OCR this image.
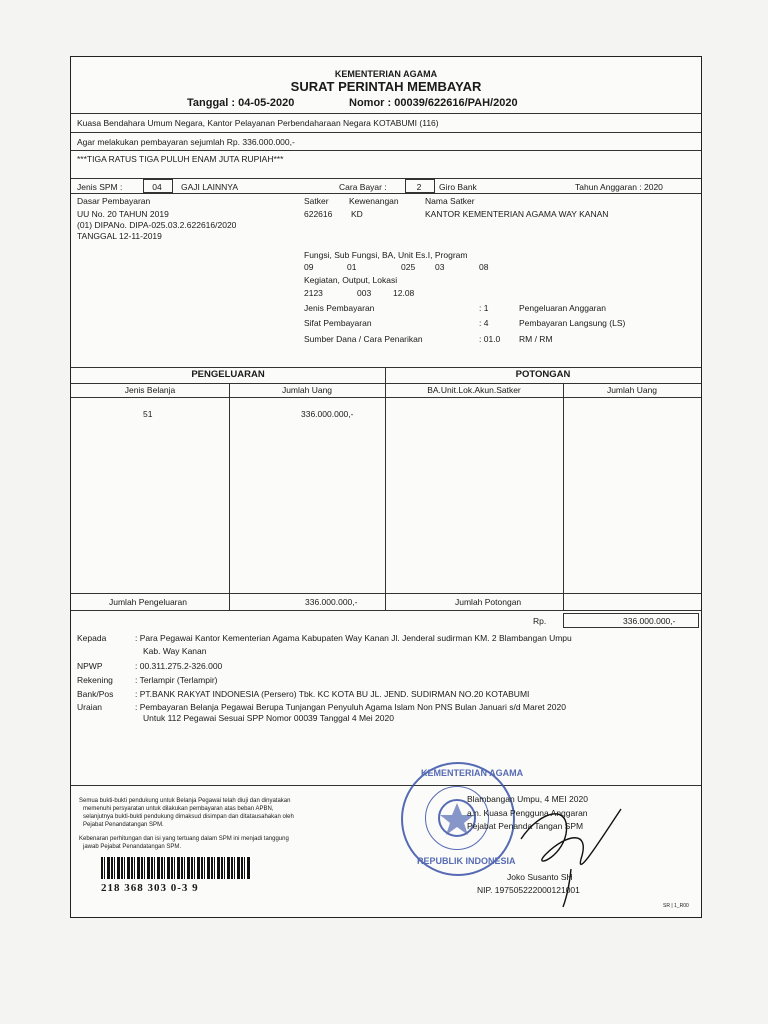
KEMENTERIAN AGAMA
SURAT PERINTAH MEMBAYAR
Tanggal : 04-05-2020	Nomor : 00039/622616/PAH/2020
Kuasa Bendahara Umum Negara, Kantor Pelayanan Perbendaharaan Negara KOTABUMI (116)
Agar melakukan pembayaran sejumlah Rp. 336.000.000,-
***TIGA RATUS TIGA PULUH ENAM JUTA RUPIAH***
Jenis SPM :	04	GAJI LAINNYA	Cara Bayar :	2	Giro Bank	Tahun Anggaran : 2020
Dasar Pembayaran
UU No. 20 TAHUN 2019
(01) DIPANo. DIPA-025.03.2.622616/2020
TANGGAL 12-11-2019
Satker Kewenangan	Nama Satker
622616 KD	KANTOR KEMENTERIAN AGAMA WAY KANAN
Fungsi, Sub Fungsi, BA, Unit Es.I, Program
09	01	025 03	08
Kegiatan, Output, Lokasi
2123	003	12.08
Jenis Pembayaran	: 1	Pengeluaran Anggaran
Sifat Pembayaran	: 4	Pembayaran Langsung (LS)
Sumber Dana / Cara Penarikan	: 01.0 RM / RM
PENGELUARAN	POTONGAN
Jenis Belanja	Jumlah Uang	BA.Unit.Lok.Akun.Satker	Jumlah Uang
51	336.000.000,-
Jumlah Pengeluaran	336.000.000,-	Jumlah Potongan
Rp.	336.000.000,-
Kepada	: Para Pegawai Kantor Kementerian Agama Kabupaten Way Kanan Jl. Jenderal sudirman KM. 2 Blambangan Umpu
Kab. Way Kanan
NPWP	: 00.311.275.2-326.000
Rekening	: Terlampir (Terlampir)
Bank/Pos	: PT.BANK RAKYAT INDONESIA (Persero) Tbk. KC KOTA BU JL. JEND. SUDIRMAN NO.20 KOTABUMI
Uraian	: Pembayaran Belanja Pegawai Berupa Tunjangan Penyuluh Agama Islam Non PNS Bulan Januari s/d Maret 2020
Untuk 112 Pegawai Sesuai SPP Nomor 00039 Tanggal 4 Mei 2020
Semua bukti-bukti pendukung untuk Belanja Pegawai telah diuji dan dinyatakan
memenuhi persyaratan untuk dilakukan pembayaran atas beban APBN,
selanjutnya bukti-bukti pendukung dimaksud disimpan dan ditatausahakan oleh
Pejabat Penandatangan SPM.
Kebenaran perhitungan dan isi yang tertuang dalam SPM ini menjadi tanggung
jawab Pejabat Penandatangan SPM.
218 368 303 0-3 9
KEMENTERIAN AGAMA
REPUBLIK INDONESIA
Blambangan Umpu, 4 MEI 2020
a.n. Kuasa Pengguna Anggaran
Pejabat Penanda Tangan SPM
Joko Susanto SH
NIP. 197505222000121001
SR | 1_R00
